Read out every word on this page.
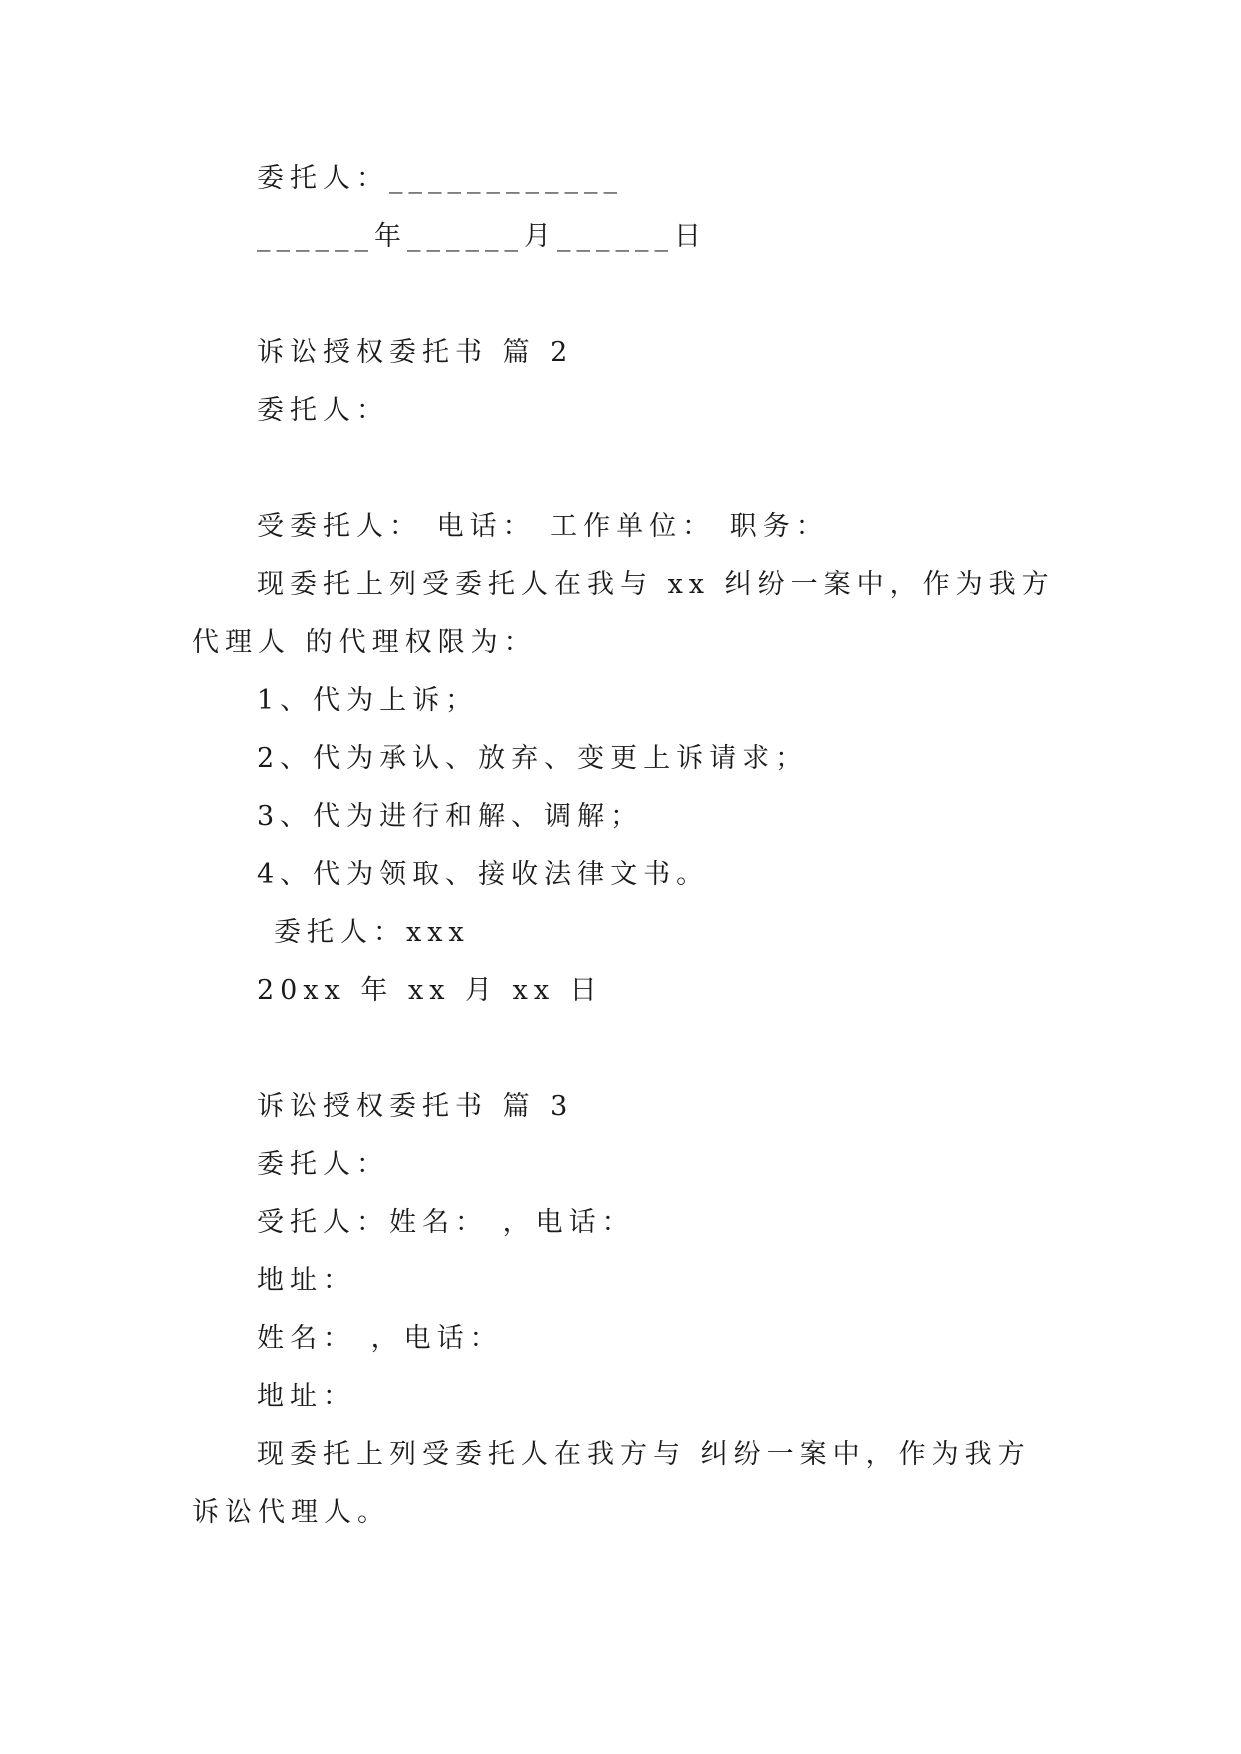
委托人：____________
______年______月______日
诉讼授权委托书 篇 2
委托人：
受委托人： 电话： 工作单位： 职务：
现委托上列受委托人在我与 xx 纠纷一案中，作为我方
代理人 的代理权限为：
1、代为上诉；
2、代为承认、放弃、变更上诉请求；
3、代为进行和解、调解；
4、代为领取、接收法律文书。
委托人：xxx
20xx 年 xx 月 xx 日
诉讼授权委托书 篇 3
委托人：
受托人：姓名： ，电话：
地址：
姓名： ，电话：
地址：
现委托上列受委托人在我方与 纠纷一案中，作为我方
诉讼代理人。
